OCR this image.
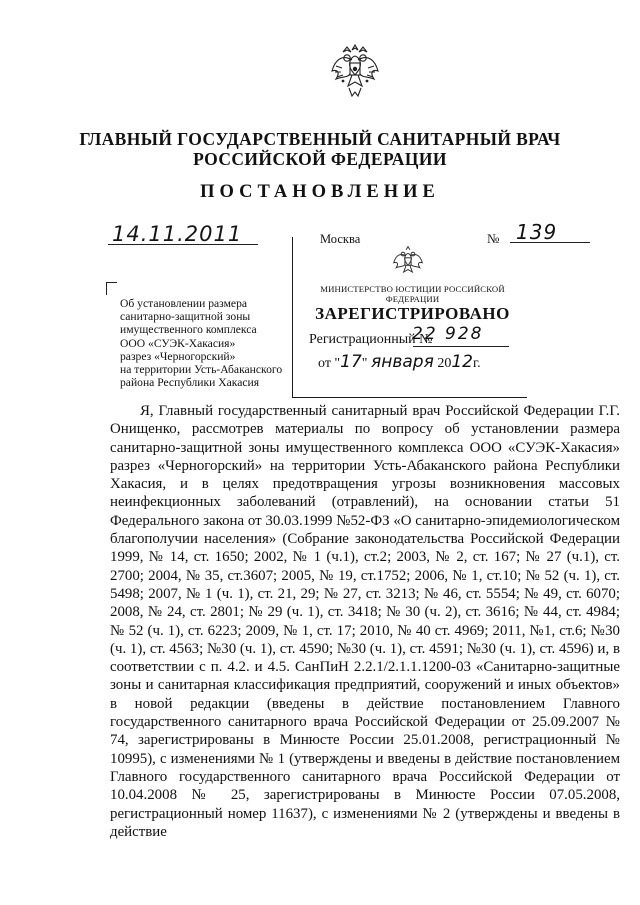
ГЛАВНЫЙ ГОСУДАРСТВЕННЫЙ САНИТАРНЫЙ ВРАЧ
РОССИЙСКОЙ ФЕДЕРАЦИИ
ПОСТАНОВЛЕНИЕ
14.11.2011	Москва	№ 139
МИНИСТЕРСТВО ЮСТИЦИИ РОССИЙСКОЙ ФЕДЕРАЦИИ
ЗАРЕГИСТРИРОВАНО
Регистрационный №
22 928
от "17" января 2012г.
Об установлении размера
санитарно-защитной зоны
имущественного комплекса
ООО «СУЭК-Хакасия»
разрез «Черногорский»
на территории Усть-Абаканского
района Республики Хакасия

Я, Главный государственный санитарный врач Российской Федерации Г.Г. Онищенко, рассмотрев материалы по вопросу об установлении размера санитарно-защитной зоны имущественного комплекса ООО «СУЭК-Хакасия» разрез «Черногорский» на территории Усть-Абаканского района Республики Хакасия, и в целях предотвращения угрозы возникновения массовых неинфекционных заболеваний (отравлений), на основании статьи 51 Федерального закона от 30.03.1999 №52-ФЗ «О санитарно-эпидемиологическом благополучии населения» (Собрание законодательства Российской Федерации 1999, № 14, ст. 1650; 2002, № 1 (ч.1), ст.2; 2003, № 2, ст. 167; № 27 (ч.1), ст. 2700; 2004, № 35, ст.3607; 2005, № 19, ст.1752; 2006, № 1, ст.10; № 52 (ч. 1), ст. 5498; 2007, № 1 (ч. 1), ст. 21, 29; № 27, ст. 3213; № 46, ст. 5554; № 49, ст. 6070; 2008, № 24, ст. 2801; № 29 (ч. 1), ст. 3418; № 30 (ч. 2), ст. 3616; № 44, ст. 4984; № 52 (ч. 1), ст. 6223; 2009, № 1, ст. 17; 2010, № 40 ст. 4969; 2011, №1, ст.6; №30 (ч. 1), ст. 4563; №30 (ч. 1), ст. 4590; №30 (ч. 1), ст. 4591; №30 (ч. 1), ст. 4596) и, в соответствии с п. 4.2. и 4.5. СанПиН 2.2.1/2.1.1.1200-03 «Санитарно-защитные зоны и санитарная классификация предприятий, сооружений и иных объектов» в новой редакции (введены в действие постановлением Главного государственного санитарного врача Российской Федерации от 25.09.2007 № 74, зарегистрированы в Минюсте России 25.01.2008, регистрационный № 10995), с изменениями № 1 (утверждены и введены в действие постановлением Главного государственного санитарного врача Российской Федерации от 10.04.2008 № 25, зарегистрированы в Минюсте России 07.05.2008, регистрационный номер 11637), с изменениями № 2 (утверждены и введены в действие
